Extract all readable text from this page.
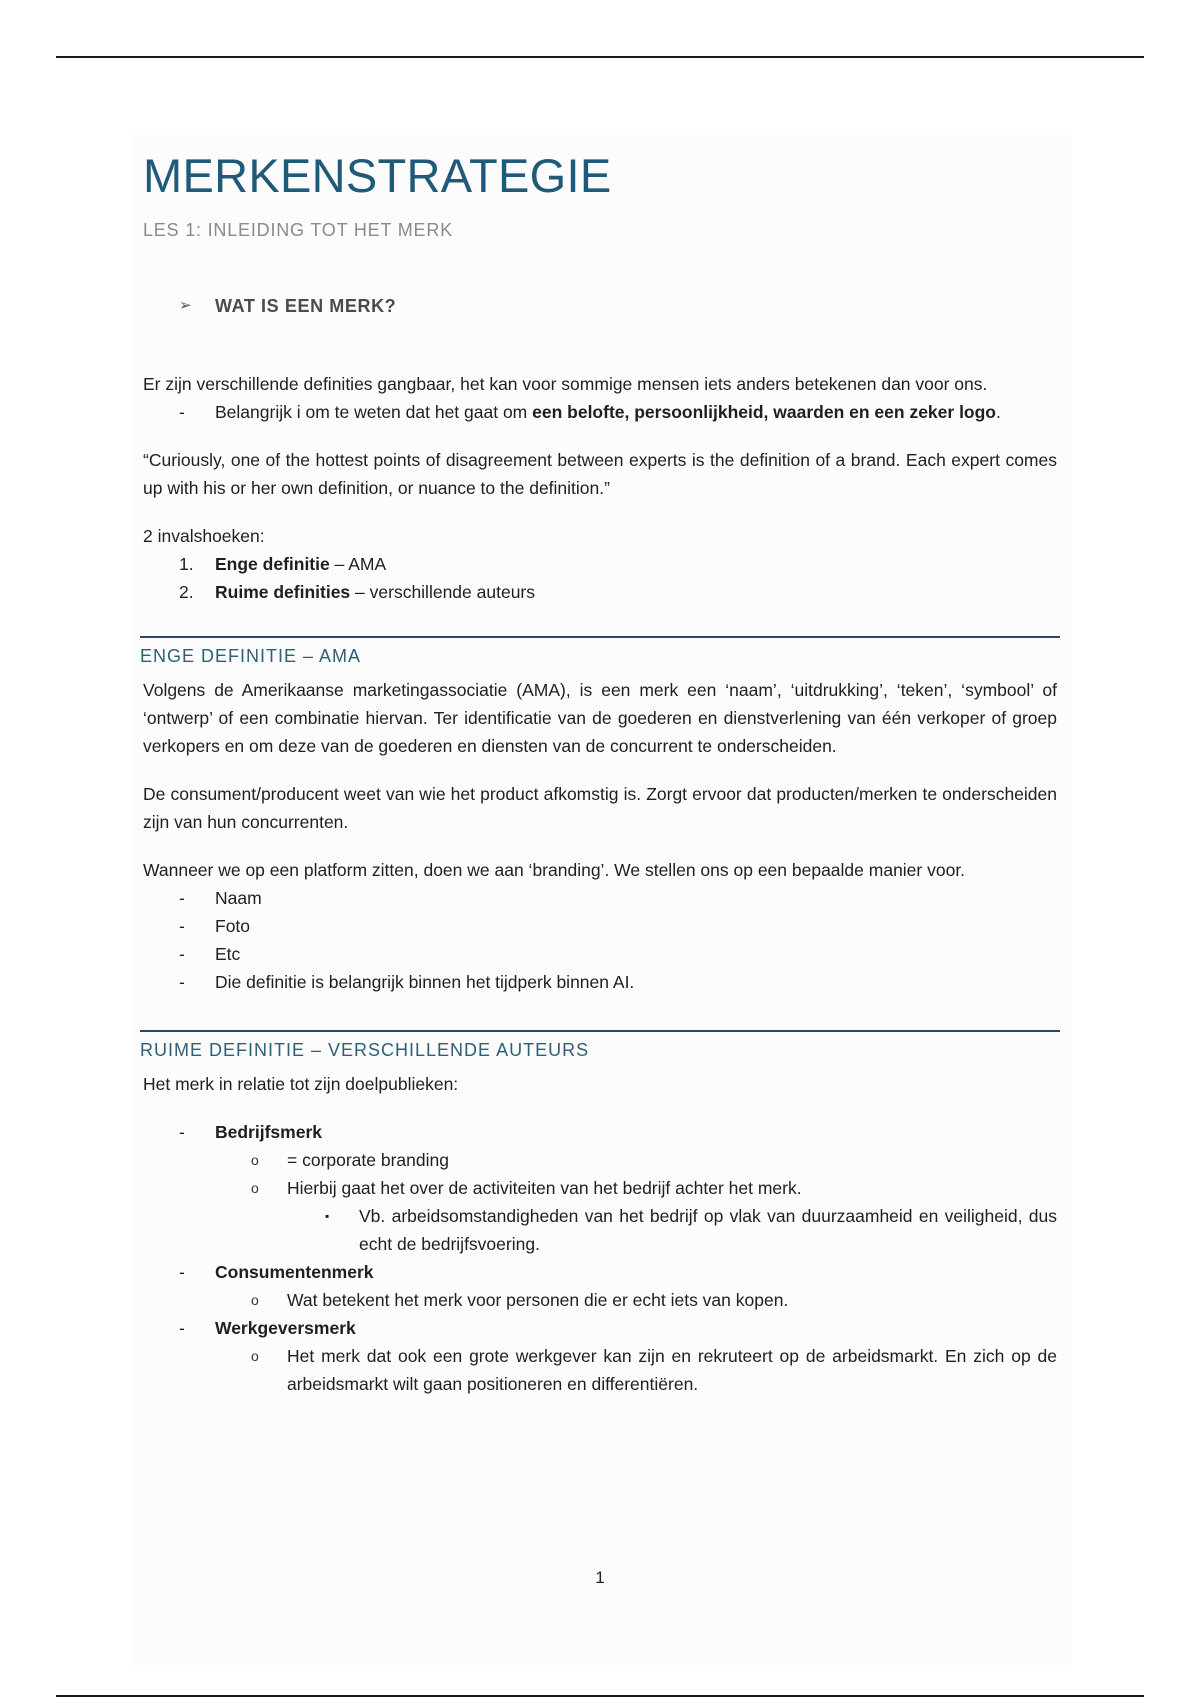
MERKENSTRATEGIE
LES 1: INLEIDING TOT HET MERK
➢	WAT IS EEN MERK?

Er zijn verschillende definities gangbaar, het kan voor sommige mensen iets anders betekenen dan voor ons.

-	Belangrijk i om te weten dat het gaat om een belofte, persoonlijkheid, waarden en een zeker logo.

“Curiously, one of the hottest points of disagreement between experts is the definition of a brand. Each expert comes up with his or her own definition, or nuance to the definition.”

2 invalshoeken:

1.	Enge definitie – AMA
2.	Ruime definities – verschillende auteurs
ENGE DEFINITIE – AMA

Volgens de Amerikaanse marketingassociatie (AMA), is een merk een ‘naam’, ‘uitdrukking’, ‘teken’, ‘symbool’ of ‘ontwerp’ of een combinatie hiervan. Ter identificatie van de goederen en dienstverlening van één verkoper of groep verkopers en om deze van de goederen en diensten van de concurrent te onderscheiden.

De consument/producent weet van wie het product afkomstig is. Zorgt ervoor dat producten/merken te onderscheiden zijn van hun concurrenten.

Wanneer we op een platform zitten, doen we aan ‘branding’. We stellen ons op een bepaalde manier voor.

-	Naam
-	Foto
-	Etc
-	Die definitie is belangrijk binnen het tijdperk binnen AI.
RUIME DEFINITIE – VERSCHILLENDE AUTEURS

Het merk in relatie tot zijn doelpublieken:

-	Bedrijfsmerk
o = corporate branding
o Hierbij gaat het over de activiteiten van het bedrijf achter het merk.
▪ Vb. arbeidsomstandigheden van het bedrijf op vlak van duurzaamheid en veiligheid, dus echt de bedrijfsvoering.
-	Consumentenmerk
o Wat betekent het merk voor personen die er echt iets van kopen.
-	Werkgeversmerk
o Het merk dat ook een grote werkgever kan zijn en rekruteert op de arbeidsmarkt. En zich op de arbeidsmarkt wilt gaan positioneren en differentiëren.
1
